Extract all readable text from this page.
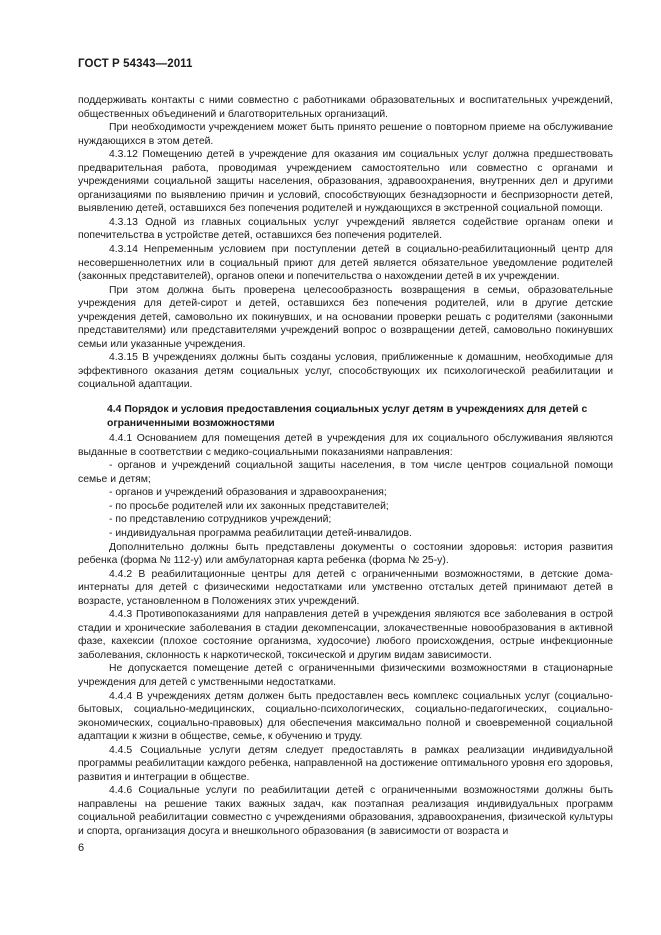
ГОСТ Р 54343—2011

поддерживать контакты с ними совместно с работниками образовательных и воспитательных учреждений, общественных объединений и благотворительных организаций.

При необходимости учреждением может быть принято решение о повторном приеме на обслуживание нуждающихся в этом детей.

4.3.12 Помещению детей в учреждение для оказания им социальных услуг должна предшествовать предварительная работа, проводимая учреждением самостоятельно или совместно с органами и учреждениями социальной защиты населения, образования, здравоохранения, внутренних дел и другими организациями по выявлению причин и условий, способствующих безнадзорности и беспризорности детей, выявлению детей, оставшихся без попечения родителей и нуждающихся в экстренной социальной помощи.

4.3.13 Одной из главных социальных услуг учреждений является содействие органам опеки и попечительства в устройстве детей, оставшихся без попечения родителей.

4.3.14 Непременным условием при поступлении детей в социально-реабилитационный центр для несовершеннолетних или в социальный приют для детей является обязательное уведомление родителей (законных представителей), органов опеки и попечительства о нахождении детей в их учреждении.

При этом должна быть проверена целесообразность возвращения в семьи, образовательные учреждения для детей-сирот и детей, оставшихся без попечения родителей, или в другие детские учреждения детей, самовольно их покинувших, и на основании проверки решать с родителями (законными представителями) или представителями учреждений вопрос о возвращении детей, самовольно покинувших семьи или указанные учреждения.

4.3.15 В учреждениях должны быть созданы условия, приближенные к домашним, необходимые для эффективного оказания детям социальных услуг, способствующих их психологической реабилитации и социальной адаптации.

4.4 Порядок и условия предоставления социальных услуг детям в учреждениях для детей с ограниченными возможностями

4.4.1 Основанием для помещения детей в учреждения для их социального обслуживания являются выданные в соответствии с медико-социальными показаниями направления:

- органов и учреждений социальной защиты населения, в том числе центров социальной помощи семье и детям;
- органов и учреждений образования и здравоохранения;
- по просьбе родителей или их законных представителей;
- по представлению сотрудников учреждений;
- индивидуальная программа реабилитации детей-инвалидов.

Дополнительно должны быть представлены документы о состоянии здоровья: история развития ребенка (форма № 112-у) или амбулаторная карта ребенка (форма № 25-у).

4.4.2 В реабилитационные центры для детей с ограниченными возможностями, в детские дома-интернаты для детей с физическими недостатками или умственно отсталых детей принимают детей в возрасте, установленном в Положениях этих учреждений.

4.4.3 Противопоказаниями для направления детей в учреждения являются все заболевания в острой стадии и хронические заболевания в стадии декомпенсации, злокачественные новообразования в активной фазе, кахексии (плохое состояние организма, худосочие) любого происхождения, острые инфекционные заболевания, склонность к наркотической, токсической и другим видам зависимости.

Не допускается помещение детей с ограниченными физическими возможностями в стационарные учреждения для детей с умственными недостатками.

4.4.4 В учреждениях детям должен быть предоставлен весь комплекс социальных услуг (социально-бытовых, социально-медицинских, социально-психологических, социально-педагогических, социально-экономических, социально-правовых) для обеспечения максимально полной и своевременной социальной адаптации к жизни в обществе, семье, к обучению и труду.

4.4.5 Социальные услуги детям следует предоставлять в рамках реализации индивидуальной программы реабилитации каждого ребенка, направленной на достижение оптимального уровня его здоровья, развития и интеграции в обществе.

4.4.6 Социальные услуги по реабилитации детей с ограниченными возможностями должны быть направлены на решение таких важных задач, как поэтапная реализация индивидуальных программ социальной реабилитации совместно с учреждениями образования, здравоохранения, физической культуры и спорта, организация досуга и внешкольного образования (в зависимости от возраста и

6
